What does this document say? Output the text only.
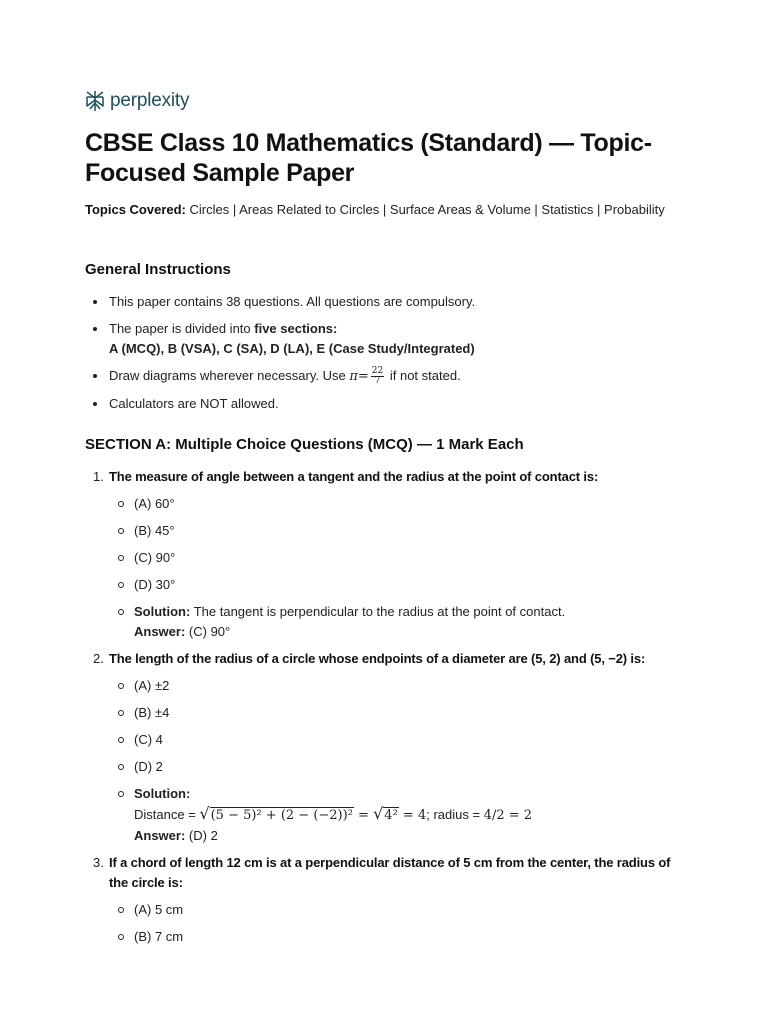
perplexity
CBSE Class 10 Mathematics (Standard) — Topic-Focused Sample Paper
Topics Covered: Circles | Areas Related to Circles | Surface Areas & Volume | Statistics | Probability
General Instructions
This paper contains 38 questions. All questions are compulsory.
The paper is divided into five sections:
A (MCQ), B (VSA), C (SA), D (LA), E (Case Study/Integrated)
Draw diagrams wherever necessary. Use $\pi= \frac{22}{7}$ if not stated.
Calculators are NOT allowed.
SECTION A: Multiple Choice Questions (MCQ) — 1 Mark Each
1. The measure of angle between a tangent and the radius at the point of contact is:
(A) 60°
(B) 45°
(C) 90°
(D) 30°
Solution: The tangent is perpendicular to the radius at the point of contact.
Answer: (C) 90°
2. The length of the radius of a circle whose endpoints of a diameter are (5, 2) and (5, −2) is:
(A) ±2
(B) ±4
(C) 4
(D) 2
Solution:
Distance = √(5 − 5)² + (2 − (−2))² = √4² = 4; radius = 4/2 = 2
Answer: (D) 2
3. If a chord of length 12 cm is at a perpendicular distance of 5 cm from the center, the radius of the circle is:
(A) 5 cm
(B) 7 cm
